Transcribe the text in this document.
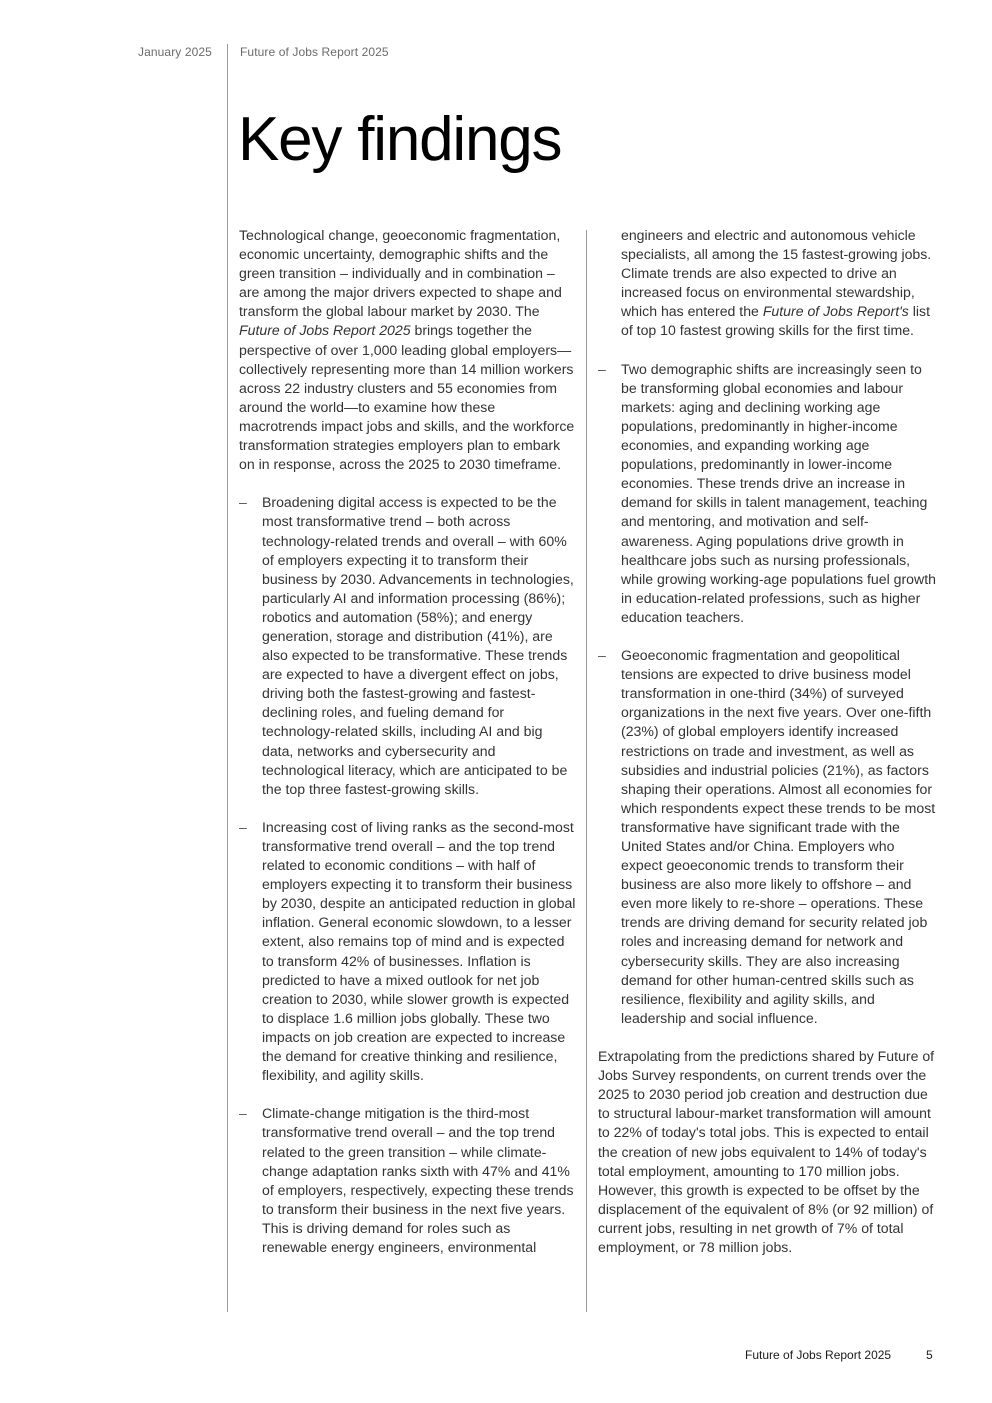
January 2025 Future of Jobs Report 2025
Key findings

Technological change, geoeconomic fragmentation, economic uncertainty, demographic shifts and the green transition – individually and in combination – are among the major drivers expected to shape and transform the global labour market by 2030. The Future of Jobs Report 2025 brings together the perspective of over 1,000 leading global employers—collectively representing more than 14 million workers across 22 industry clusters and 55 economies from around the world—to examine how these macrotrends impact jobs and skills, and the workforce transformation strategies employers plan to embark on in response, across the 2025 to 2030 timeframe.

– Broadening digital access is expected to be the most transformative trend – both across technology-related trends and overall – with 60% of employers expecting it to transform their business by 2030. Advancements in technologies, particularly AI and information processing (86%); robotics and automation (58%); and energy generation, storage and distribution (41%), are also expected to be transformative. These trends are expected to have a divergent effect on jobs, driving both the fastest-growing and fastest-declining roles, and fueling demand for technology-related skills, including AI and big data, networks and cybersecurity and technological literacy, which are anticipated to be the top three fastest-growing skills.
– Increasing cost of living ranks as the second-most transformative trend overall – and the top trend related to economic conditions – with half of employers expecting it to transform their business by 2030, despite an anticipated reduction in global inflation. General economic slowdown, to a lesser extent, also remains top of mind and is expected to transform 42% of businesses. Inflation is predicted to have a mixed outlook for net job creation to 2030, while slower growth is expected to displace 1.6 million jobs globally. These two impacts on job creation are expected to increase the demand for creative thinking and resilience, flexibility, and agility skills.
– Climate-change mitigation is the third-most transformative trend overall – and the top trend related to the green transition – while climate-change adaptation ranks sixth with 47% and 41% of employers, respectively, expecting these trends to transform their business in the next five years. This is driving demand for roles such as renewable energy engineers, environmental

engineers and electric and autonomous vehicle specialists, all among the 15 fastest-growing jobs. Climate trends are also expected to drive an increased focus on environmental stewardship, which has entered the Future of Jobs Report's list of top 10 fastest growing skills for the first time.

– Two demographic shifts are increasingly seen to be transforming global economies and labour markets: aging and declining working age populations, predominantly in higher-income economies, and expanding working age populations, predominantly in lower-income economies. These trends drive an increase in demand for skills in talent management, teaching and mentoring, and motivation and self-awareness. Aging populations drive growth in healthcare jobs such as nursing professionals, while growing working-age populations fuel growth in education-related professions, such as higher education teachers.
– Geoeconomic fragmentation and geopolitical tensions are expected to drive business model transformation in one-third (34%) of surveyed organizations in the next five years. Over one-fifth (23%) of global employers identify increased restrictions on trade and investment, as well as subsidies and industrial policies (21%), as factors shaping their operations. Almost all economies for which respondents expect these trends to be most transformative have significant trade with the United States and/or China. Employers who expect geoeconomic trends to transform their business are also more likely to offshore – and even more likely to re-shore – operations. These trends are driving demand for security related job roles and increasing demand for network and cybersecurity skills. They are also increasing demand for other human-centred skills such as resilience, flexibility and agility skills, and leadership and social influence.

Extrapolating from the predictions shared by Future of Jobs Survey respondents, on current trends over the 2025 to 2030 period job creation and destruction due to structural labour-market transformation will amount to 22% of today's total jobs. This is expected to entail the creation of new jobs equivalent to 14% of today's total employment, amounting to 170 million jobs. However, this growth is expected to be offset by the displacement of the equivalent of 8% (or 92 million) of current jobs, resulting in net growth of 7% of total employment, or 78 million jobs.

Future of Jobs Report 2025	5
